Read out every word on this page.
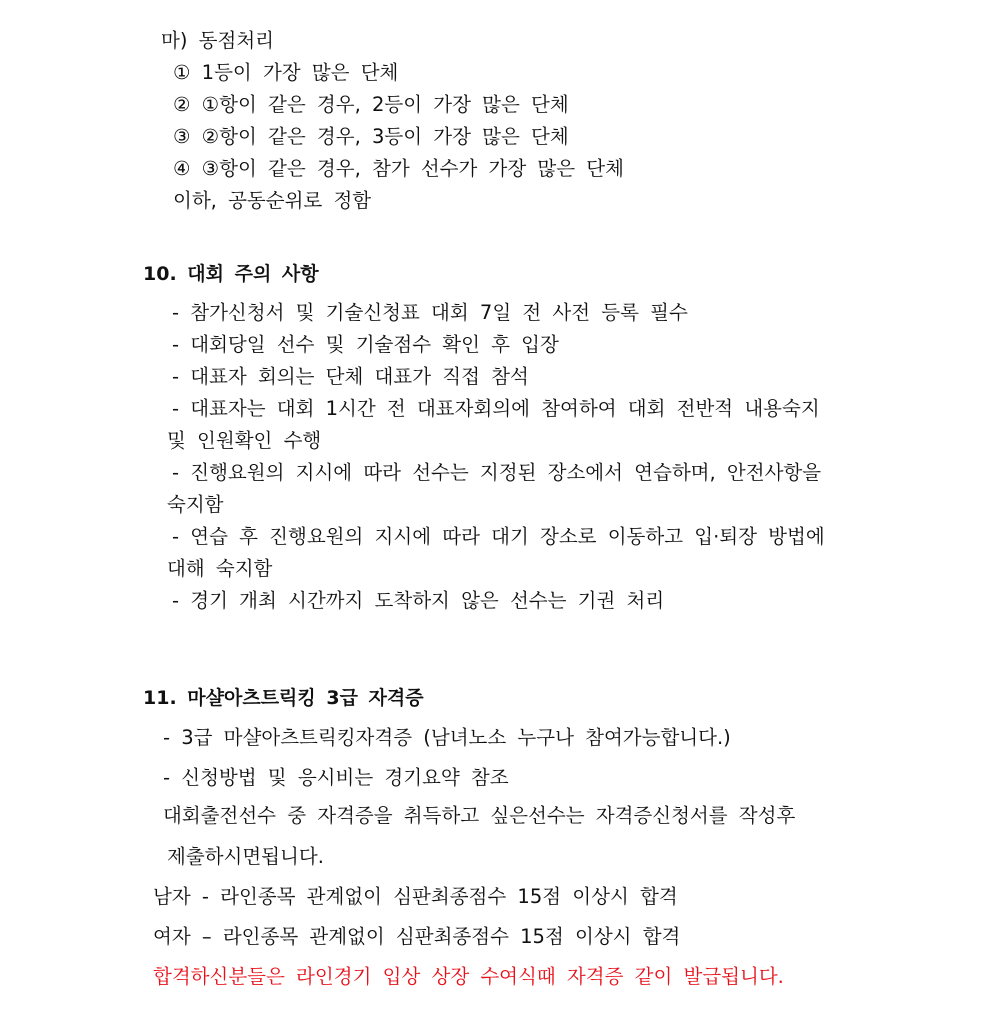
마) 동점처리
① 1등이 가장 많은 단체
② ①항이 같은 경우, 2등이 가장 많은 단체
③ ②항이 같은 경우, 3등이 가장 많은 단체
④ ③항이 같은 경우, 참가 선수가 가장 많은 단체
이하, 공동순위로 정함
10. 대회 주의 사항
- 참가신청서 및 기술신청표 대회 7일 전 사전 등록 필수
- 대회당일 선수 및 기술점수 확인 후 입장
- 대표자 회의는 단체 대표가 직접 참석
- 대표자는 대회 1시간 전 대표자회의에 참여하여 대회 전반적 내용숙지
및 인원확인 수행
- 진행요원의 지시에 따라 선수는 지정된 장소에서 연습하며, 안전사항을
숙지함
- 연습 후 진행요원의 지시에 따라 대기 장소로 이동하고 입·퇴장 방법에
대해 숙지함
- 경기 개최 시간까지 도착하지 않은 선수는 기권 처리
11. 마샬아츠트릭킹 3급 자격증
- 3급 마샬아츠트릭킹자격증 (남녀노소 누구나 참여가능합니다.)
- 신청방법 및 응시비는 경기요약 참조
대회출전선수 중 자격증을 취득하고 싶은선수는 자격증신청서를 작성후
제출하시면됩니다.
남자 - 라인종목 관계없이 심판최종점수 15점 이상시 합격
여자 – 라인종목 관계없이 심판최종점수 15점 이상시 합격
합격하신분들은 라인경기 입상 상장 수여식때 자격증 같이 발급됩니다.
